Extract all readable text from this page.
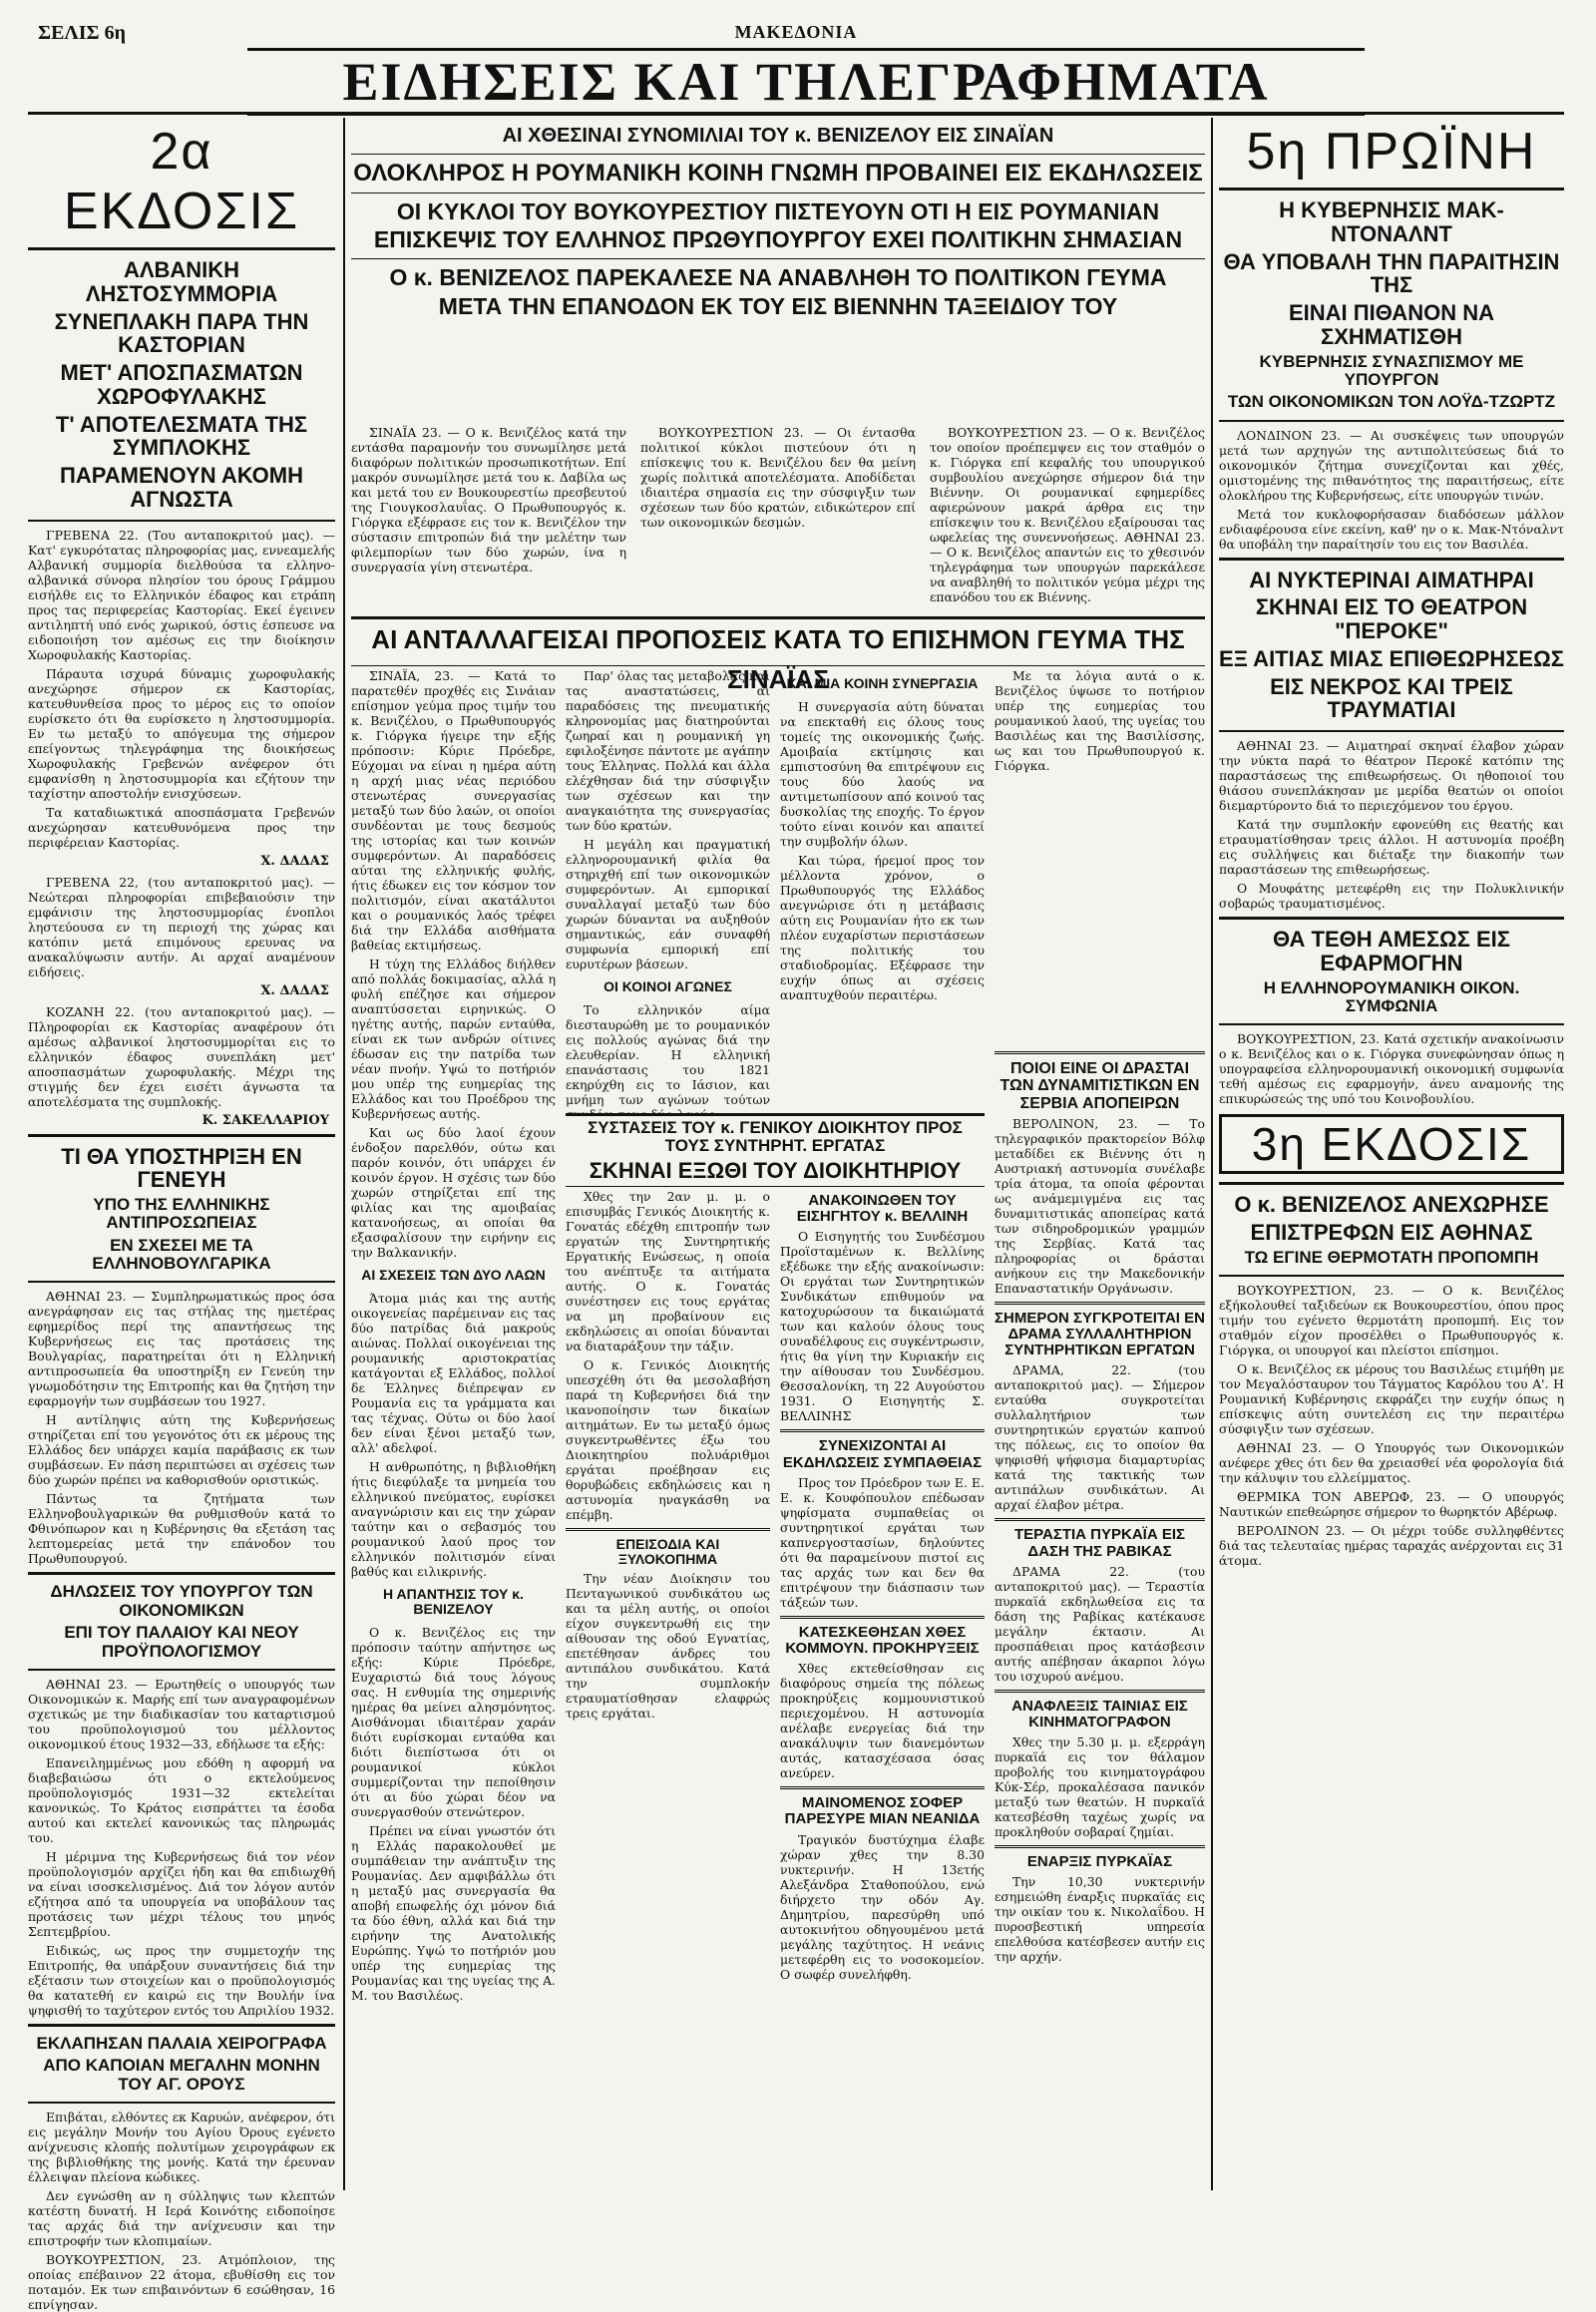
ΣΕΛΙΣ 6η	ΜΑΚΕΔΟΝΙΑ
ΕΙΔΗΣΕΙΣ ΚΑΙ ΤΗΛΕΓΡΑΦΗΜΑΤΑ
2α ΕΚΔΟΣΙΣ
ΑΛΒΑΝΙΚΗ ΛΗΣΤΟΣΥΜΜΟΡΙΑ
ΣΥΝΕΠΛΑΚΗ ΠΑΡΑ ΤΗΝ ΚΑΣΤΟΡΙΑΝ
ΜΕΤ' ΑΠΟΣΠΑΣΜΑΤΩΝ ΧΩΡΟΦΥΛΑΚΗΣ
Τ' ΑΠΟΤΕΛΕΣΜΑΤΑ ΤΗΣ ΣΥΜΠΛΟΚΗΣ
ΠΑΡΑΜΕΝΟΥΝ ΑΚΟΜΗ ΑΓΝΩΣΤΑ

ΓΡΕΒΕΝΑ 22. (Του ανταποκριτού μας). — Κατ' εγκυρότατας πληροφορίας μας, εννεαμελής Αλβανική συμμορία διελθούσα τα ελληνο-αλβανικά σύνορα πλησίον του όρους Γράμμου εισήλθε εις το Ελληνικόν έδαφος και ετράπη προς τας περιφερείας Καστορίας. Εκεί έγεινεν αντιληπτή υπό ενός χωρικού, όστις έσπευσε να ειδοποιήση τον αμέσως εις την διοίκησιν Χωροφυλακής Καστορίας.

Πάραυτα ισχυρά δύναμις χωροφυλακής ανεχώρησε σήμερον εκ Καστορίας, κατευθυνθείσα προς το μέρος εις το οποίον ευρίσκετο ότι θα ευρίσκετο η ληστοσυμμορία. Εν τω μεταξύ το απόγευμα της σήμερον επείγοντως τηλεγράφημα της διοικήσεως Χωροφυλακής Γρεβενών ανέφερον ότι εμφανίσθη η ληστοσυμμορία και εζήτουν την ταχίστην αποστολήν ενισχύσεων.

Τα καταδιωκτικά αποσπάσματα Γρεβενών ανεχώρησαν κατευθυνόμενα προς την περιφέρειαν Καστορίας.

Χ. ΔΑΔΑΣ

ΓΡΕΒΕΝΑ 22, (του ανταποκριτού μας). — Νεώτεραι πληροφορίαι επιβεβαιούσιν την εμφάνισιν της ληστοσυμμορίας ένοπλοι ληστεύουσα εν τη περιοχή της χώρας και κατόπιν μετά επιμόνους ερευνας να ανακαλύψωσιν αυτήν. Αι αρχαί αναμένουν ειδήσεις.

Χ. ΔΑΔΑΣ

ΚΟΖΑΝΗ 22. (του ανταποκριτού μας). — Πληροφορίαι εκ Καστορίας αναφέρουν ότι αμέσως αλβανικοί ληστοσυμμορίται εις το ελληνικόν έδαφος συνεπλάκη μετ' αποσπασμάτων χωροφυλακής. Μέχρι της στιγμής δεν έχει εισέτι άγνωστα τα αποτελέσματα της συμπλοκής.

Κ. ΣΑΚΕΛΛΑΡΙΟΥ
ΤΙ ΘΑ ΥΠΟΣΤΗΡΙΞΗ ΕΝ ΓΕΝΕΥΗ
ΥΠΟ ΤΗΣ ΕΛΛΗΝΙΚΗΣ ΑΝΤΙΠΡΟΣΩΠΕΙΑΣ
ΕΝ ΣΧΕΣΕΙ ΜΕ ΤΑ ΕΛΛΗΝΟΒΟΥΛΓΑΡΙΚΑ

ΑΘΗΝΑΙ 23. — Συμπληρωματικώς προς όσα ανεγράφησαν εις τας στήλας της ημετέρας εφημερίδος περί της απαντήσεως της Κυβερνήσεως εις τας προτάσεις της Βουλγαρίας, παρατηρείται ότι η Ελληνική αντιπροσωπεία θα υποστηρίξη εν Γενεύη την γνωμοδότησιν της Επιτροπής και θα ζητήση την εφαρμογήν των συμβάσεων του 1927.

Η αντίληψις αύτη της Κυβερνήσεως στηρίζεται επί του γεγονότος ότι εκ μέρους της Ελλάδος δεν υπάρχει καμία παράβασις εκ των συμβάσεων. Εν πάση περιπτώσει αι σχέσεις των δύο χωρών πρέπει να καθορισθούν οριστικώς.

Πάντως τα ζητήματα των Ελληνοβουλγαρικών θα ρυθμισθούν κατά το Φθινόπωρον και η Κυβέρνησις θα εξετάση τας λεπτομερείας μετά την επάνοδον του Πρωθυπουργού.

ΔΗΛΩΣΕΙΣ ΤΟΥ ΥΠΟΥΡΓΟΥ ΤΩΝ ΟΙΚΟΝΟΜΙΚΩΝ
ΕΠΙ ΤΟΥ ΠΑΛΑΙΟΥ ΚΑΙ ΝΕΟΥ ΠΡΟΫΠΟΛΟΓΙΣΜΟΥ

ΑΘΗΝΑΙ 23. — Ερωτηθείς ο υπουργός των Οικονομικών κ. Μαρής επί των αναγραφομένων σχετικώς με την διαδικασίαν του καταρτισμού του προϋπολογισμού του μέλλοντος οικονομικού έτους 1932—33, εδήλωσε τα εξής:

Επανειλημμένως μου εδόθη η αφορμή να διαβεβαιώσω ότι ο εκτελούμενος προϋπολογισμός 1931—32 εκτελείται κανονικώς. Το Κράτος εισπράττει τα έσοδα αυτού και εκτελεί κανονικώς τας πληρωμάς του.

Η μέριμνα της Κυβερνήσεως διά τον νέον προϋπολογισμόν αρχίζει ήδη και θα επιδιωχθή να είναι ισοσκελισμένος. Διά τον λόγον αυτόν εζήτησα από τα υπουργεία να υποβάλουν τας προτάσεις των μέχρι τέλους του μηνός Σεπτεμβρίου.

Ειδικώς, ως προς την συμμετοχήν της Επιτροπής, θα υπάρξουν συναντήσεις διά την εξέτασιν των στοιχείων και ο προϋπολογισμός θα κατατεθή εν καιρώ εις την Βουλήν ίνα ψηφισθή το ταχύτερον εντός του Απριλίου 1932.

ΕΚΛΑΠΗΣΑΝ ΠΑΛΑΙΑ ΧΕΙΡΟΓΡΑΦΑ
ΑΠΟ ΚΑΠΟΙΑΝ ΜΕΓΑΛΗΝ ΜΟΝΗΝ ΤΟΥ ΑΓ. ΟΡΟΥΣ

Επιβάται, ελθόντες εκ Καρυών, ανέφερον, ότι εις μεγάλην Μονήν του Αγίου Όρους εγένετο ανίχνευσις κλοπής πολυτίμων χειρογράφων εκ της βιβλιοθήκης της μονής. Κατά την έρευναν έλλειψαν πλείονα κώδικες.

Δεν εγνώσθη αν η σύλληψις των κλεπτών κατέστη δυνατή. Η Ιερά Κοινότης ειδοποίησε τας αρχάς διά την ανίχνευσιν και την επιστροφήν των κλοπιμαίων.

ΒΟΥΚΟΥΡΕΣΤΙΟΝ, 23. Ατμόπλοιον, της οποίας επέβαινον 22 άτομα, εβυθίσθη εις τον ποταμόν. Εκ των επιβαινόντων 6 εσώθησαν, 16 επνίγησαν.

ΑΙ ΧΘΕΣΙΝΑΙ ΣΥΝΟΜΙΛΙΑΙ ΤΟΥ κ. ΒΕΝΙΖΕΛΟΥ ΕΙΣ ΣΙΝΑΪΑΝ
ΟΛΟΚΛΗΡΟΣ Η ΡΟΥΜΑΝΙΚΗ ΚΟΙΝΗ ΓΝΩΜΗ ΠΡΟΒΑΙΝΕΙ ΕΙΣ ΕΚΔΗΛΩΣΕΙΣ
ΟΙ ΚΥΚΛΟΙ ΤΟΥ ΒΟΥΚΟΥΡΕΣΤΙΟΥ ΠΙΣΤΕΥΟΥΝ ΟΤΙ Η ΕΙΣ ΡΟΥΜΑΝΙΑΝ
ΕΠΙΣΚΕΨΙΣ ΤΟΥ ΕΛΛΗΝΟΣ ΠΡΩΘΥΠΟΥΡΓΟΥ ΕΧΕΙ ΠΟΛΙΤΙΚΗΝ ΣΗΜΑΣΙΑΝ
Ο κ. ΒΕΝΙΖΕΛΟΣ ΠΑΡΕΚΑΛΕΣΕ ΝΑ ΑΝΑΒΛΗΘΗ ΤΟ ΠΟΛΙΤΙΚΟΝ ΓΕΥΜΑ
ΜΕΤΑ ΤΗΝ ΕΠΑΝΟΔΟΝ ΕΚ ΤΟΥ ΕΙΣ ΒΙΕΝΝΗΝ ΤΑΞΕΙΔΙΟΥ ΤΟΥ

ΣΙΝΑΪΑ 23. — Ο κ. Βενιζέλος κατά την εντάσθα παραμονήν του συνωμίλησε μετά διαφόρων πολιτικών προσωπικοτήτων. Επί μακρόν συνωμίλησε μετά του κ. Δαβίλα ως και μετά του εν Βουκουρεστίω πρεσβευτού της Γιουγκοσλαυΐας. Ο Πρωθυπουργός κ. Γιόργκα εξέφρασε εις τον κ. Βενιζέλον την σύστασιν επιτροπών διά την μελέτην των φιλεμπορίων των δύο χωρών, ίνα η συνεργασία γίνη στενωτέρα.

ΒΟΥΚΟΥΡΕΣΤΙΟΝ 23. — Οι έντασθα πολιτικοί κύκλοι πιστεύουν ότι η επίσκεψις του κ. Βενιζέλου δεν θα μείνη χωρίς πολιτικά αποτελέσματα. Αποδίδεται ιδιαιτέρα σημασία εις την σύσφιγξιν των σχέσεων των δύο κρατών, ειδικώτερον επί των οικονομικών δεσμών.

ΒΟΥΚΟΥΡΕΣΤΙΟΝ 23. — Ο κ. Βενιζέλος τον οποίον προέπεμψεν εις τον σταθμόν ο κ. Γιόργκα επί κεφαλής του υπουργικού συμβουλίου ανεχώρησε σήμερον διά την Βιέννην. Οι ρουμανικαί εφημερίδες αφιερώνουν μακρά άρθρα εις την επίσκεψιν του κ. Βενιζέλου εξαίρουσαι τας ωφελείας της συνεννοήσεως. ΑΘΗΝΑΙ 23. — Ο κ. Βενιζέλος απαντών εις το χθεσινόν τηλεγράφημα των υπουργών παρεκάλεσε να αναβληθή το πολιτικόν γεύμα μέχρι της επανόδου του εκ Βιέννης.

ΑΙ ΑΝΤΑΛΛΑΓΕΙΣΑΙ ΠΡΟΠΟΣΕΙΣ ΚΑΤΑ ΤΟ ΕΠΙΣΗΜΟΝ ΓΕΥΜΑ ΤΗΣ ΣΙΝΑΪΑΣ

ΣΙΝΑΪΑ, 23. — Κατά το παρατεθέν προχθές εις Σινάιαν επίσημον γεύμα προς τιμήν του κ. Βενιζέλου, ο Πρωθυπουργός κ. Γιόργκα ήγειρε την εξής πρόποσιν: Κύριε Πρόεδρε, Εύχομαι να είναι η ημέρα αύτη η αρχή μιας νέας περιόδου στενωτέρας συνεργασίας μεταξύ των δύο λαών, οι οποίοι συνδέονται με τους δεσμούς της ιστορίας και των κοινών συμφερόντων. Αι παραδόσεις αύται της ελληνικής φυλής, ήτις έδωκεν εις τον κόσμον τον πολιτισμόν, είναι ακατάλυτοι και ο ρουμανικός λαός τρέφει διά την Ελλάδα αισθήματα βαθείας εκτιμήσεως.

Η τύχη της Ελλάδος διήλθεν από πολλάς δοκιμασίας, αλλά η φυλή επέζησε και σήμερον αναπτύσσεται ειρηνικώς. Ο ηγέτης αυτής, παρών ενταύθα, είναι εκ των ανδρών οίτινες έδωσαν εις την πατρίδα των νέαν πνοήν. Υψώ το ποτήριόν μου υπέρ της ευημερίας της Ελλάδος και του Προέδρου της Κυβερνήσεως αυτής.

Και ως δύο λαοί έχουν ένδοξον παρελθόν, ούτω και παρόν κοινόν, ότι υπάρχει έν κοινόν έργον. Η σχέσις των δύο χωρών στηρίζεται επί της φιλίας και της αμοιβαίας κατανοήσεως, αι οποίαι θα εξασφαλίσουν την ειρήνην εις την Βαλκανικήν.

ΑΙ ΣΧΕΣΕΙΣ ΤΩΝ ΔΥΟ ΛΑΩΝ

Άτομα μιάς και της αυτής οικογενείας παρέμειναν εις τας δύο πατρίδας διά μακρούς αιώνας. Πολλαί οικογένειαι της ρουμανικής αριστοκρατίας κατάγονται εξ Ελλάδος, πολλοί δε Έλληνες διέπρεψαν εν Ρουμανία εις τα γράμματα και τας τέχνας. Ούτω οι δύο λαοί δεν είναι ξένοι μεταξύ των, αλλ' αδελφοί.

Η ανθρωπότης, η βιβλιοθήκη ήτις διεφύλαξε τα μνημεία του ελληνικού πνεύματος, ευρίσκει αναγνώρισιν και εις την χώραν ταύτην και ο σεβασμός του ρουμανικού λαού προς τον ελληνικόν πολιτισμόν είναι βαθύς και ειλικρινής.

Η ΑΠΑΝΤΗΣΙΣ ΤΟΥ κ. ΒΕΝΙΖΕΛΟΥ

Ο κ. Βενιζέλος εις την πρόποσιν ταύτην απήντησε ως εξής: Κύριε Πρόεδρε, Ευχαριστώ διά τους λόγους σας. Η ενθυμία της σημερινής ημέρας θα μείνει αλησμόνητος. Αισθάνομαι ιδιαιτέραν χαράν διότι ευρίσκομαι ενταύθα και διότι διεπίστωσα ότι οι ρουμανικοί κύκλοι συμμερίζονται την πεποίθησιν ότι αι δύο χώραι δέον να συνεργασθούν στενώτερον.

Πρέπει να είναι γνωστόν ότι η Ελλάς παρακολουθεί με συμπάθειαν την ανάπτυξιν της Ρουμανίας. Δεν αμφιβάλλω ότι η μεταξύ μας συνεργασία θα αποβή επωφελής όχι μόνον διά τα δύο έθνη, αλλά και διά την ειρήνην της Ανατολικής Ευρώπης. Υψώ το ποτήριόν μου υπέρ της ευημερίας της Ρουμανίας και της υγείας της Α. Μ. του Βασιλέως.

Παρ' όλας τας μεταβολάς και τας αναστατώσεις, αι παραδόσεις της πνευματικής κληρονομίας μας διατηρούνται ζωηραί και η ρουμανική γη εφιλοξένησε πάντοτε με αγάπην τους Έλληνας. Πολλά και άλλα ελέχθησαν διά την σύσφιγξιν των σχέσεων και την αναγκαιότητα της συνεργασίας των δύο κρατών.

Η μεγάλη και πραγματική ελληνορουμανική φιλία θα στηριχθή επί των οικονομικών συμφερόντων. Αι εμπορικαί συναλλαγαί μεταξύ των δύο χωρών δύνανται να αυξηθούν σημαντικώς, εάν συναφθή συμφωνία εμπορική επί ευρυτέρων βάσεων.

ΟΙ ΚΟΙΝΟΙ ΑΓΩΝΕΣ

Το ελληνικόν αίμα διεσταυρώθη με το ρουμανικόν εις πολλούς αγώνας διά την ελευθερίαν. Η ελληνική επανάστασις του 1821 εκηρύχθη εις το Ιάσιον, και μνήμη των αγώνων τούτων

ΚΑΙ ΜΙΑ ΚΟΙΝΗ ΣΥΝΕΡΓΑΣΙΑ

Η συνεργασία αύτη δύναται να επεκταθή εις όλους τους τομείς της οικονομικής ζωής. Αμοιβαία εκτίμησις και εμπιστοσύνη θα επιτρέψουν εις τους δύο λαούς να αντιμετωπίσουν από κοινού τας δυσκολίας της εποχής. Το έργον τούτο είναι κοινόν και απαιτεί την συμβολήν όλων.

Και τώρα, ήρεμοί προς τον μέλλοντα χρόνον, ο Πρωθυπουργός της Ελλάδος ανεγνώρισε ότι η μετάβασις αύτη εις Ρουμανίαν ήτο εκ των πλέον ευχαρίστων περιστάσεων της πολιτικής του σταδιοδρομίας. Εξέφρασε την ευχήν όπως αι σχέσεις αναπτυχθούν περαιτέρω.

Με τα λόγια αυτά ο κ. Βενιζέλος ύψωσε το ποτήριον υπέρ της ευημερίας του ρουμανικού λαού, της υγείας του Βασιλέως και της Βασιλίσσης, ως και του Πρωθυπουργού κ. Γιόργκα.

ΣΥΣΤΑΣΕΙΣ ΤΟΥ κ. ΓΕΝΙΚΟΥ ΔΙΟΙΚΗΤΟΥ ΠΡΟΣ ΤΟΥΣ ΣΥΝΤΗΡΗΤ. ΕΡΓΑΤΑΣ
ΣΚΗΝΑΙ ΕΞΩΘΙ ΤΟΥ ΔΙΟΙΚΗΤΗΡΙΟΥ

Χθες την 2αν μ. μ. ο επισυμβάς Γενικός Διοικητής κ. Γονατάς εδέχθη επιτροπήν των εργατών της Συντηρητικής Εργατικής Ενώσεως, η οποία του ανέπτυξε τα αιτήματα αυτής. Ο κ. Γονατάς συνέστησεν εις τους εργάτας να μη προβαίνουν εις εκδηλώσεις αι οποίαι δύνανται να διαταράξουν την τάξιν.

Ο κ. Γενικός Διοικητής υπεσχέθη ότι θα μεσολαβήση παρά τη Κυβερνήσει διά την ικανοποίησιν των δικαίων αιτημάτων. Εν τω μεταξύ όμως συγκεντρωθέντες έξω του Διοικητηρίου πολυάριθμοι εργάται προέβησαν εις θορυβώδεις εκδηλώσεις και η αστυνομία ηναγκάσθη να επέμβη.

ΕΠΕΙΣΟΔΙΑ ΚΑΙ ΞΥΛΟΚΟΠΗΜΑ

Την νέαν Διοίκησιν του Πενταγωνικού συνδικάτου ως και τα μέλη αυτής, οι οποίοι είχον συγκεντρωθή εις την αίθουσαν της οδού Εγνατίας, επετέθησαν άνδρες του αντιπάλου συνδικάτου. Κατά την συμπλοκήν ετραυματίσθησαν ελαφρώς τρεις εργάται.

ΑΝΑΚΟΙΝΩΘΕΝ ΤΟΥ ΕΙΣΗΓΗΤΟΥ κ. ΒΕΛΛΙΝΗ

Ο Εισηγητής του Συνδέσμου Προϊσταμένων κ. Βελλίνης εξέδωκε την εξής ανακοίνωσιν: Οι εργάται των Συντηρητικών Συνδικάτων επιθυμούν να κατοχυρώσουν τα δικαιώματά των και καλούν όλους τους συναδέλφους εις συγκέντρωσιν, ήτις θα γίνη την Κυριακήν εις την αίθουσαν του Συνδέσμου. Θεσσαλονίκη, τη 22 Αυγούστου 1931. Ο Εισηγητής Σ. ΒΕΛΛΙΝΗΣ

ΣΥΝΕΧΙΖΟΝΤΑΙ ΑΙ ΕΚΔΗΛΩΣΕΙΣ ΣΥΜΠΑΘΕΙΑΣ

Προς τον Πρόεδρον των Ε. Ε. Ε. κ. Κουφόπουλον επέδωσαν ψηφίσματα συμπαθείας οι συντηρητικοί εργάται των καπνεργοστασίων, δηλούντες ότι θα παραμείνουν πιστοί εις τας αρχάς των και δεν θα επιτρέψουν την διάσπασιν των τάξεών των.

ΚΑΤΕΣΚΕΘΗΣΑΝ ΧΘΕΣ ΚΟΜΜΟΥΝ. ΠΡΟΚΗΡΥΞΕΙΣ

Χθες εκτεθείσθησαν εις διαφόρους σημεία της πόλεως προκηρύξεις κομμουνιστικού περιεχομένου. Η αστυνομία ανέλαβε ενεργείας διά την ανακάλυψιν των διανεμόντων αυτάς, κατασχέσασα όσας ανεύρεν.

ΜΑΙΝΟΜΕΝΟΣ ΣΟΦΕΡ ΠΑΡΕΣΥΡΕ ΜΙΑΝ ΝΕΑΝΙΔΑ

Τραγικόν δυστύχημα έλαβε χώραν χθες την 8.30 νυκτερινήν. Η 13ετής Αλεξάνδρα Σταθοπούλου, ενώ διήρχετο την οδόν Αγ. Δημητρίου, παρεσύρθη υπό αυτοκινήτου οδηγουμένου μετά μεγάλης ταχύτητος. Η νεάνις μετεφέρθη εις το νοσοκομείον. Ο σωφέρ συνελήφθη.

ΠΟΙΟΙ ΕΙΝΕ ΟΙ ΔΡΑΣΤΑΙ ΤΩΝ ΔΥΝΑΜΙΤΙΣΤΙΚΩΝ ΕΝ ΣΕΡΒΙΑ ΑΠΟΠΕΙΡΩΝ

ΒΕΡΟΛΙΝΟΝ, 23. — Το τηλεγραφικόν πρακτορείον Βόλφ μεταδίδει εκ Βιέννης ότι η Αυστριακή αστυνομία συνέλαβε τρία άτομα, τα οποία φέρονται ως ανάμεμιγμένα εις τας δυναμιτιστικάς αποπείρας κατά των σιδηροδρομικών γραμμών της Σερβίας. Κατά τας πληροφορίας οι δράσται ανήκουν εις την Μακεδονικήν Επαναστατικήν Οργάνωσιν.

ΣΗΜΕΡΟΝ ΣΥΓΚΡΟΤΕΙΤΑΙ ΕΝ ΔΡΑΜΑ ΣΥΛΛΑΛΗΤΗΡΙΟΝ ΣΥΝΤΗΡΗΤΙΚΩΝ ΕΡΓΑΤΩΝ

ΔΡΑΜΑ, 22. (του ανταποκριτού μας). — Σήμερον ενταύθα συγκροτείται συλλαλητήριον των συντηρητικών εργατών καπνού της πόλεως, εις το οποίον θα ψηφισθή ψήφισμα διαμαρτυρίας κατά της τακτικής των αντιπάλων συνδικάτων. Αι αρχαί έλαβον μέτρα.

ΤΕΡΑΣΤΙΑ ΠΥΡΚΑΪΑ ΕΙΣ ΔΑΣΗ ΤΗΣ ΡΑΒΙΚΑΣ

ΔΡΑΜΑ 22. (του ανταποκριτού μας). — Τεραστία πυρκαϊά εκδηλωθείσα εις τα δάση της Ραβίκας κατέκαυσε μεγάλην έκτασιν. Αι προσπάθειαι προς κατάσβεσιν αυτής απέβησαν άκαρποι λόγω του ισχυρού ανέμου.

ΑΝΑΦΛΕΞΙΣ ΤΑΙΝΙΑΣ ΕΙΣ ΚΙΝΗΜΑΤΟΓΡΑΦΟΝ

Χθες την 5.30 μ. μ. εξερράγη πυρκαϊά εις τον θάλαμον προβολής του κινηματογράφου Κύκ-Σέρ, προκαλέσασα πανικόν μεταξύ των θεατών. Η πυρκαϊά κατεσβέσθη ταχέως χωρίς να προκληθούν σοβαραί ζημίαι.

ΕΝΑΡΞΙΣ ΠΥΡΚΑΪΑΣ

Την 10,30 νυκτερινήν εσημειώθη έναρξις πυρκαϊάς εις την οικίαν του κ. Νικολαΐδου. Η πυροσβεστική υπηρεσία επελθούσα κατέσβεσεν αυτήν εις την αρχήν.

5η ΠΡΩΪΝΗ
Η ΚΥΒΕΡΝΗΣΙΣ ΜΑΚ-ΝΤΟΝΑΛΝΤ
ΘΑ ΥΠΟΒΑΛΗ ΤΗΝ ΠΑΡΑΙΤΗΣΙΝ ΤΗΣ
ΕΙΝΑΙ ΠΙΘΑΝΟΝ ΝΑ ΣΧΗΜΑΤΙΣΘΗ
ΚΥΒΕΡΝΗΣΙΣ ΣΥΝΑΣΠΙΣΜΟΥ ΜΕ ΥΠΟΥΡΓΟΝ
ΤΩΝ ΟΙΚΟΝΟΜΙΚΩΝ ΤΟΝ ΛΟΫΔ-ΤΖΩΡΤΖ

ΛΟΝΔΙΝΟΝ 23. — Αι συσκέψεις των υπουργών μετά των αρχηγών της αντιπολιτεύσεως διά το οικονομικόν ζήτημα συνεχίζονται και χθές, ομιστομένης της πιθανότητος της παραιτήσεως, είτε ολοκλήρου της Κυβερνήσεως, είτε υπουργών τινών.

Μετά τον κυκλοφορήσασαν διαδόσεων μάλλον ενδιαφέρουσα είνε εκείνη, καθ' ην ο κ. Μακ-Ντόναλντ θα υποβάλη την παραίτησίν του εις τον Βασιλέα.

ΑΙ ΝΥΚΤΕΡΙΝΑΙ ΑΙΜΑΤΗΡΑΙ
ΣΚΗΝΑΙ ΕΙΣ ΤΟ ΘΕΑΤΡΟΝ "ΠΕΡΟΚΕ"
ΕΞ ΑΙΤΙΑΣ ΜΙΑΣ ΕΠΙΘΕΩΡΗΣΕΩΣ
ΕΙΣ ΝΕΚΡΟΣ ΚΑΙ ΤΡΕΙΣ ΤΡΑΥΜΑΤΙΑΙ

ΑΘΗΝΑΙ 23. — Αιματηραί σκηναί έλαβον χώραν την νύκτα παρά το θέατρον Περοκέ κατόπιν της παραστάσεως της επιθεωρήσεως. Οι ηθοποιοί του θιάσου συνεπλάκησαν με μερίδα θεατών οι οποίοι διεμαρτύροντο διά το περιεχόμενον του έργου.

Κατά την συμπλοκήν εφονεύθη εις θεατής και ετραυματίσθησαν τρεις άλλοι. Η αστυνομία προέβη εις συλλήψεις και διέταξε την διακοπήν των παραστάσεων της επιθεωρήσεως.

Ο Μουφάτης μετεφέρθη εις την Πολυκλινικήν σοβαρώς τραυματισμένος.

ΘΑ ΤΕΘΗ ΑΜΕΣΩΣ ΕΙΣ ΕΦΑΡΜΟΓΗΝ
Η ΕΛΛΗΝΟΡΟΥΜΑΝΙΚΗ ΟΙΚΟΝ. ΣΥΜΦΩΝΙΑ

ΒΟΥΚΟΥΡΕΣΤΙΟΝ, 23. Κατά σχετικήν ανακοίνωσιν ο κ. Βενιζέλος και ο κ. Γιόργκα συνεφώνησαν όπως η υπογραφείσα ελληνορουμανική οικονομική συμφωνία τεθή αμέσως εις εφαρμογήν, άνευ αναμονής της επικυρώσεώς της υπό του Κοινοβουλίου.

3η ΕΚΔΟΣΙΣ
Ο κ. ΒΕΝΙΖΕΛΟΣ ΑΝΕΧΩΡΗΣΕ
ΕΠΙΣΤΡΕΦΩΝ ΕΙΣ ΑΘΗΝΑΣ
ΤΩ ΕΓΙΝΕ ΘΕΡΜΟΤΑΤΗ ΠΡΟΠΟΜΠΗ

ΒΟΥΚΟΥΡΕΣΤΙΟΝ, 23. — Ο κ. Βενιζέλος εξήκολουθεί ταξιδεύων εκ Βουκουρεστίου, όπου προς τιμήν του εγένετο θερμοτάτη προπομπή. Εις τον σταθμόν είχον προσέλθει ο Πρωθυπουργός κ. Γιόργκα, οι υπουργοί και πλείστοι επίσημοι.

Ο κ. Βενιζέλος εκ μέρους του Βασιλέως ετιμήθη με τον Μεγαλόσταυρον του Τάγματος Καρόλου του Α'. Η Ρουμανική Κυβέρνησις εκφράζει την ευχήν όπως η επίσκεψις αύτη συντελέση εις την περαιτέρω σύσφιγξιν των σχέσεων.

ΑΘΗΝΑΙ 23. — Ο Υπουργός των Οικονομικών ανέφερε χθες ότι δεν θα χρειασθεί νέα φορολογία διά την κάλυψιν του ελλείμματος.

ΘΕΡΜΙΚΑ ΤΟΝ ΑΒΕΡΩΦ, 23. — Ο υπουργός Ναυτικών επεθεώρησε σήμερον το θωρηκτόν Αβέρωφ.

ΒΕΡΟΛΙΝΟΝ 23. — Οι μέχρι τούδε συλληφθέντες διά τας τελευταίας ημέρας ταραχάς ανέρχονται εις 31 άτομα.
